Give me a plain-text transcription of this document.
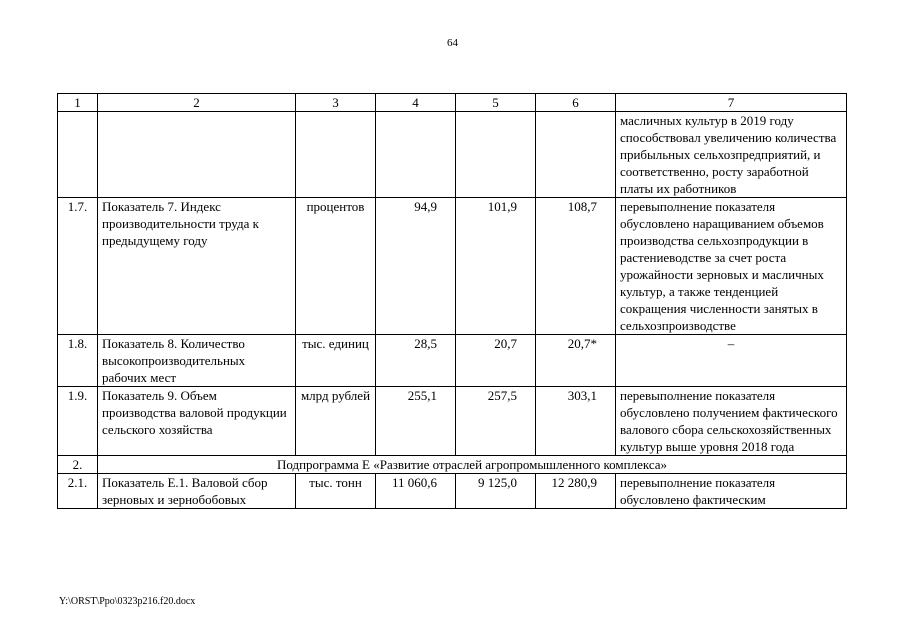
64
1	2	3	4	5	6	7
						масличных культур в 2019 году способствовал увеличению количества прибыльных сельхозпредприятий, и соответственно, росту заработной платы их работников
1.7.	Показатель 7. Индекс производительности труда к предыдущему году	процентов	94,9	101,9	108,7	перевыполнение показателя обусловлено наращиванием объемов производства сельхозпродукции в растениеводстве за счет роста урожайности зерновых и масличных культур, а также тенденцией сокращения численности занятых в сельхозпроизводстве
1.8.	Показатель 8. Количество высокопроизводительных рабочих мест	тыс. единиц	28,5	20,7	20,7*	–
1.9.	Показатель 9. Объем производства валовой продукции сельского хозяйства	млрд рублей	255,1	257,5	303,1	перевыполнение показателя обусловлено получением фактического валового сбора сельскохозяйственных культур выше уровня 2018 года
2.	Подпрограмма Е «Развитие отраслей агропромышленного комплекса»					
2.1.	Показатель Е.1. Валовой сбор зерновых и зернобобовых	тыс. тонн	11 060,6	9 125,0	12 280,9	перевыполнение показателя обусловлено фактическим
Y:\ORST\Ppo\0323p216.f20.docx
